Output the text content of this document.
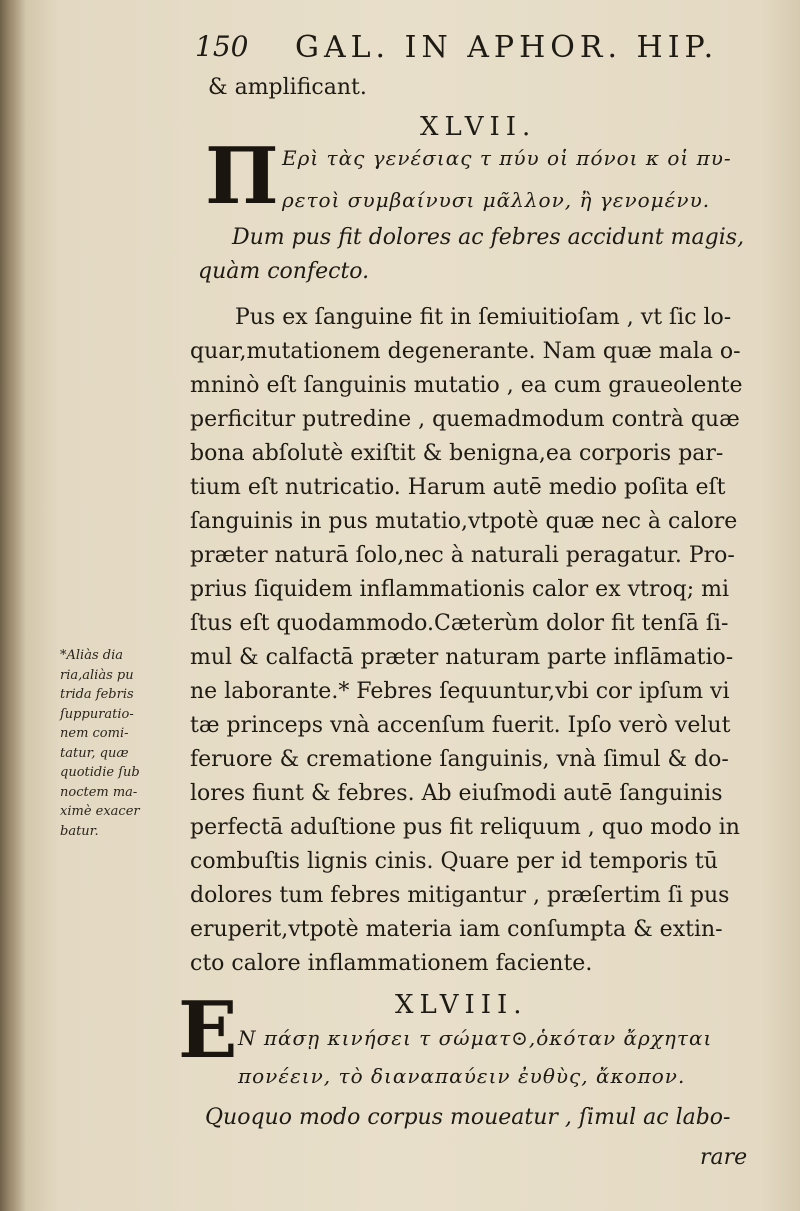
150 GAL. IN APHOR. HIP.
& amplificant.
XLVII.
Π Ερὶ τὰς γενέσιας τ πύυ οἱ πόνοι κ οἱ πυ-
ρετοὶ συμβαίνυσι μᾶλλον, ἢ γενομένυ.
Dum pus fit dolores ac febres accidunt magis,
quàm confecto.
Pus ex ſanguine fit in ſemiuitioſam , vt ſic lo-
quar,mutationem degenerante. Nam quæ mala o-
mninò eſt ſanguinis mutatio , ea cum graueolente
perficitur putredine , quemadmodum contrà quæ
bona abſolutè exiſtit & benigna,ea corporis par-
tium eſt nutricatio. Harum autē medio poſita eſt
ſanguinis in pus mutatio,vtpotè quæ nec à calore
præter naturā ſolo,nec à naturali peragatur. Pro-
prius ſiquidem inflammationis calor ex vtroq; mi
ſtus eſt quodammodo.Cæterùm dolor fit tenſā ſi-
mul & calfactā præter naturam parte inflāmatio-
ne laborante.* Febres ſequuntur,vbi cor ipſum vi
tæ princeps vnà accenſum fuerit. Ipſo verò velut
feruore & crematione ſanguinis, vnà ſimul & do-
lores fiunt & febres. Ab eiuſmodi autē ſanguinis
perfectā aduſtione pus fit reliquum , quo modo in
combuſtis lignis cinis. Quare per id temporis tū
dolores tum febres mitigantur , præſertim ſi pus
eruperit,vtpotè materia iam conſumpta & extin-
cto calore inflammationem faciente.
*Aliàs dia
ria,aliàs pu
trida febris
ſuppuratio-
nem comi-
tatur, quæ
quotidie ſub
noctem ma-
ximè exacer
batur.
XLVIII.
E Ν πάσῃ κινήσει τ σώματ⊙,ὁκόταν ἄρχηται
πονέειν, τὸ διαναπαύειν ἐυθὺς, ἄκοπον.
Quoquo modo corpus moueatur , ſimul ac labo-
rare
